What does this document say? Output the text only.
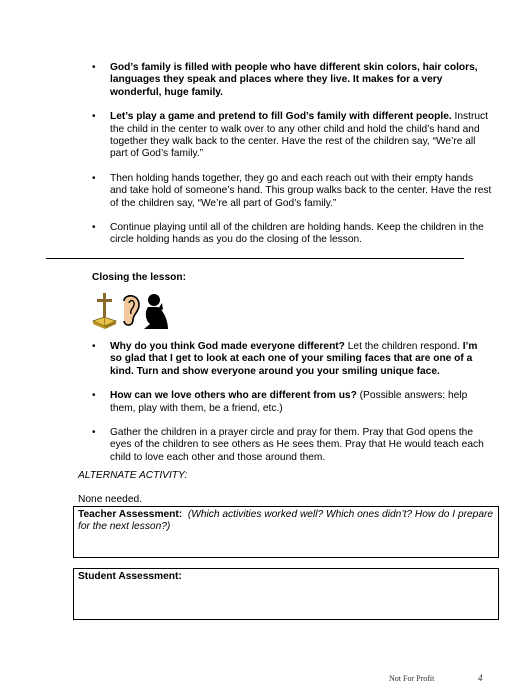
• God’s family is filled with people who have different skin colors, hair colors, languages they speak and places where they live. It makes for a very wonderful, huge family.
• Let’s play a game and pretend to fill God’s family with different people. Instruct the child in the center to walk over to any other child and hold the child’s hand and together they walk back to the center. Have the rest of the children say, “We’re all part of God’s family.”
• Then holding hands together, they go and each reach out with their empty hands and take hold of someone’s hand. This group walks back to the center. Have the rest of the children say, “We’re all part of God’s family.”
• Continue playing until all of the children are holding hands. Keep the children in the circle holding hands as you do the closing of the lesson.
Closing the lesson:
• Why do you think God made everyone different? Let the children respond. I’m so glad that I get to look at each one of your smiling faces that are one of a kind. Turn and show everyone around you your smiling unique face.
• How can we love others who are different from us? (Possible answers: help them, play with them, be a friend, etc.)
• Gather the children in a prayer circle and pray for them. Pray that God opens the eyes of the children to see others as He sees them. Pray that He would teach each child to love each other and those around them.
ALTERNATE ACTIVITY:
None needed.
Teacher Assessment: (Which activities worked well? Which ones didn’t? How do I prepare for the next lesson?)
Student Assessment:
Not For Profit	4
